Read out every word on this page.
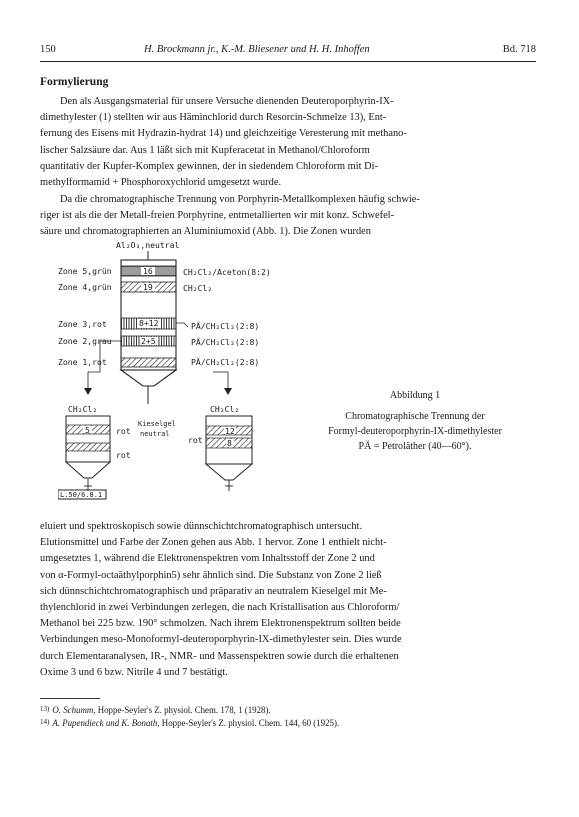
150	H. Brockmann jr., K.-M. Bliesener und H. H. Inhoffen	Bd. 718
Formylierung
Den als Ausgangsmaterial für unsere Versuche dienenden Deuteroporphyrin-IX-
dimethylester (1) stellten wir aus Häminchlorid durch Resorcin-Schmelze 13), Ent-
fernung des Eisens mit Hydrazin-hydrat 14) und gleichzeitige Veresterung mit methano-
lischer Salzsäure dar. Aus 1 läßt sich mit Kupferacetat in Methanol/Chloroform
quantitativ der Kupfer-Komplex gewinnen, der in siedendem Chloroform mit Di-
methylformamid + Phosphoroxychlorid umgesetzt wurde.
Da die chromatographische Trennung von Porphyrin-Metallkomplexen häufig schwie-
riger ist als die der Metall-freien Porphyrine, entmetallierten wir mit konz. Schwefel-
säure und chromatographierten an Aluminiumoxid (Abb. 1). Die Zonen wurden
Al₂O₃,neutral
Zone 5,grün	16	CH₂Cl₂/Aceton(8:2)
Zone 4,grün	19	CH₂Cl₂
Zone 3,rot	8+12	PÄ/CH₂Cl₂(2:8)
Zone 2,grau	2+5	PÄ/CH₂Cl₂(2:8)
Zone 1,rot	PÄ/CH₂Cl₂(2:8)
CH₂Cl₂
5	rot
rot
Kieselgel
neutral
CH₂Cl₂
12
8
rot
L.50/6.8.1
Abbildung 1
Chromatographische Trennung der
Formyl-deuteroporphyrin-IX-dimethylester
PÄ = Petroläther (40—60°).
eluiert und spektroskopisch sowie dünnschichtchromatographisch untersucht.
Elutionsmittel und Farbe der Zonen gehen aus Abb. 1 hervor. Zone 1 enthielt nicht-
umgesetztes 1, während die Elektronenspektren vom Inhaltsstoff der Zone 2 und
von α-Formyl-octaäthylporphin5) sehr ähnlich sind. Die Substanz von Zone 2 ließ
sich dünnschichtchromatographisch und präparativ an neutralem Kieselgel mit Me-
thylenchlorid in zwei Verbindungen zerlegen, die nach Kristallisation aus Chloroform/
Methanol bei 225 bzw. 190° schmolzen. Nach ihrem Elektronenspektrum sollten beide
Verbindungen meso-Monoformyl-deuteroporphyrin-IX-dimethylester sein. Dies wurde
durch Elementaranalysen, IR-, NMR- und Massenspektren sowie durch die erhaltenen
Oxime 3 und 6 bzw. Nitrile 4 und 7 bestätigt.
$^{13)}$ O. Schumm, Hoppe-Seyler's Z. physiol. Chem. 178, 1 (1928).
$^{14)}$ A. Papendieck und K. Bonath, Hoppe-Seyler's Z. physiol. Chem. 144, 60 (1925).
